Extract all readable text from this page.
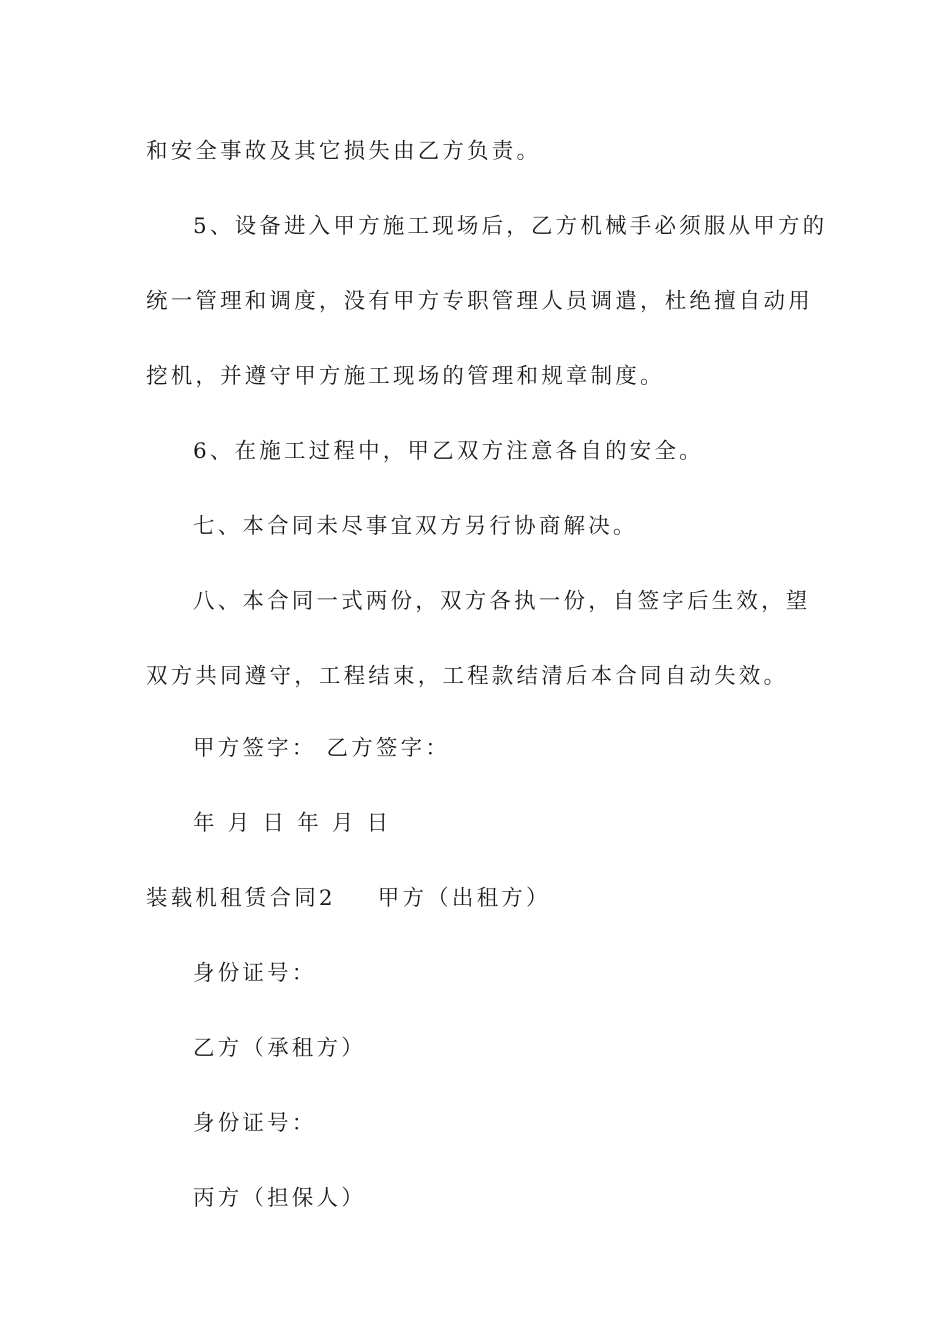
和安全事故及其它损失由乙方负责。
5、设备进入甲方施工现场后，乙方机械手必须服从甲方的
统一管理和调度，没有甲方专职管理人员调遣，杜绝擅自动用
挖机，并遵守甲方施工现场的管理和规章制度。
6、在施工过程中，甲乙双方注意各自的安全。
七、本合同未尽事宜双方另行协商解决。
八、本合同一式两份，双方各执一份，自签字后生效，望
双方共同遵守，工程结束，工程款结清后本合同自动失效。
甲方签字： 乙方签字：
年 月 日 年 月 日
装载机租赁合同2 甲方（出租方）
身份证号：
乙方（承租方）
身份证号：
丙方（担保人）
